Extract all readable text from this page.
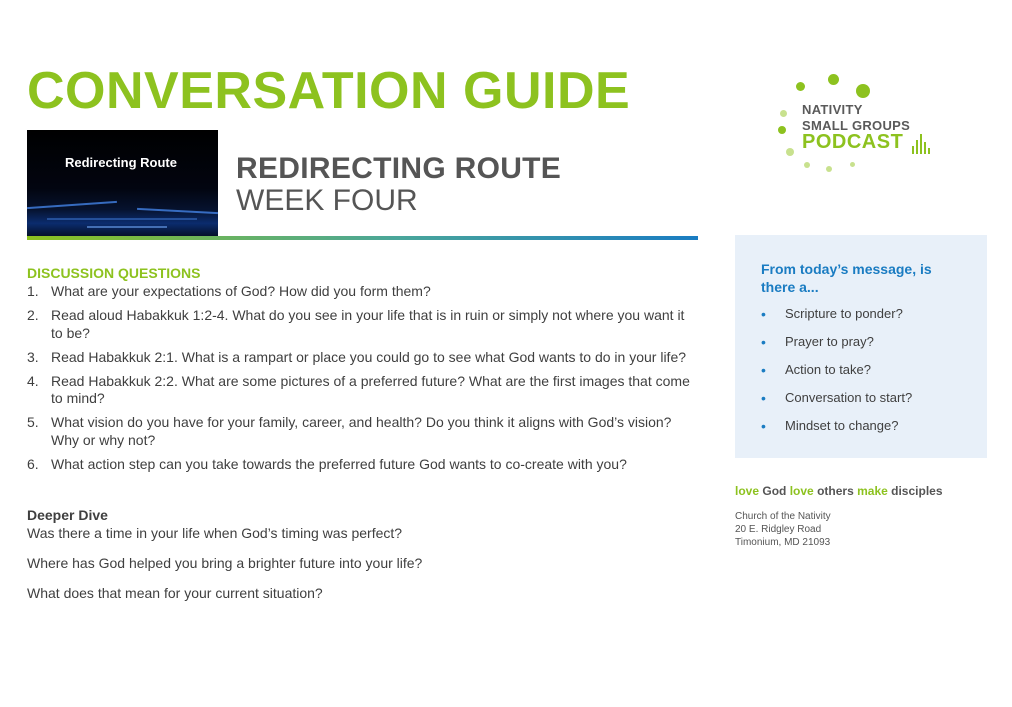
CONVERSATION GUIDE	NATIVITY
SMALL GROUPS
PODCAST
Redirecting Route REDIRECTING ROUTE
WEEK FOUR
DISCUSSION QUESTIONS
1. What are your expectations of God? How did you form them?
2. Read aloud Habakkuk 1:2-4. What do you see in your life that is in ruin or simply not where you want it to be?
3. Read Habakkuk 2:1. What is a rampart or place you could go to see what God wants to do in your life?
4. Read Habakkuk 2:2. What are some pictures of a preferred future? What are the first images that come to mind?
5. What vision do you have for your family, career, and health? Do you think it aligns with God’s vision? Why or why not?
6. What action step can you take towards the preferred future God wants to co-create with you?
Deeper Dive
Was there a time in your life when God’s timing was perfect?
Where has God helped you bring a brighter future into your life?
What does that mean for your current situation?
From today’s message, is there a...
• Scripture to ponder?
• Prayer to pray?
• Action to take?
• Conversation to start?
• Mindset to change?
love God love others make disciples
Church of the Nativity
20 E. Ridgley Road
Timonium, MD 21093
